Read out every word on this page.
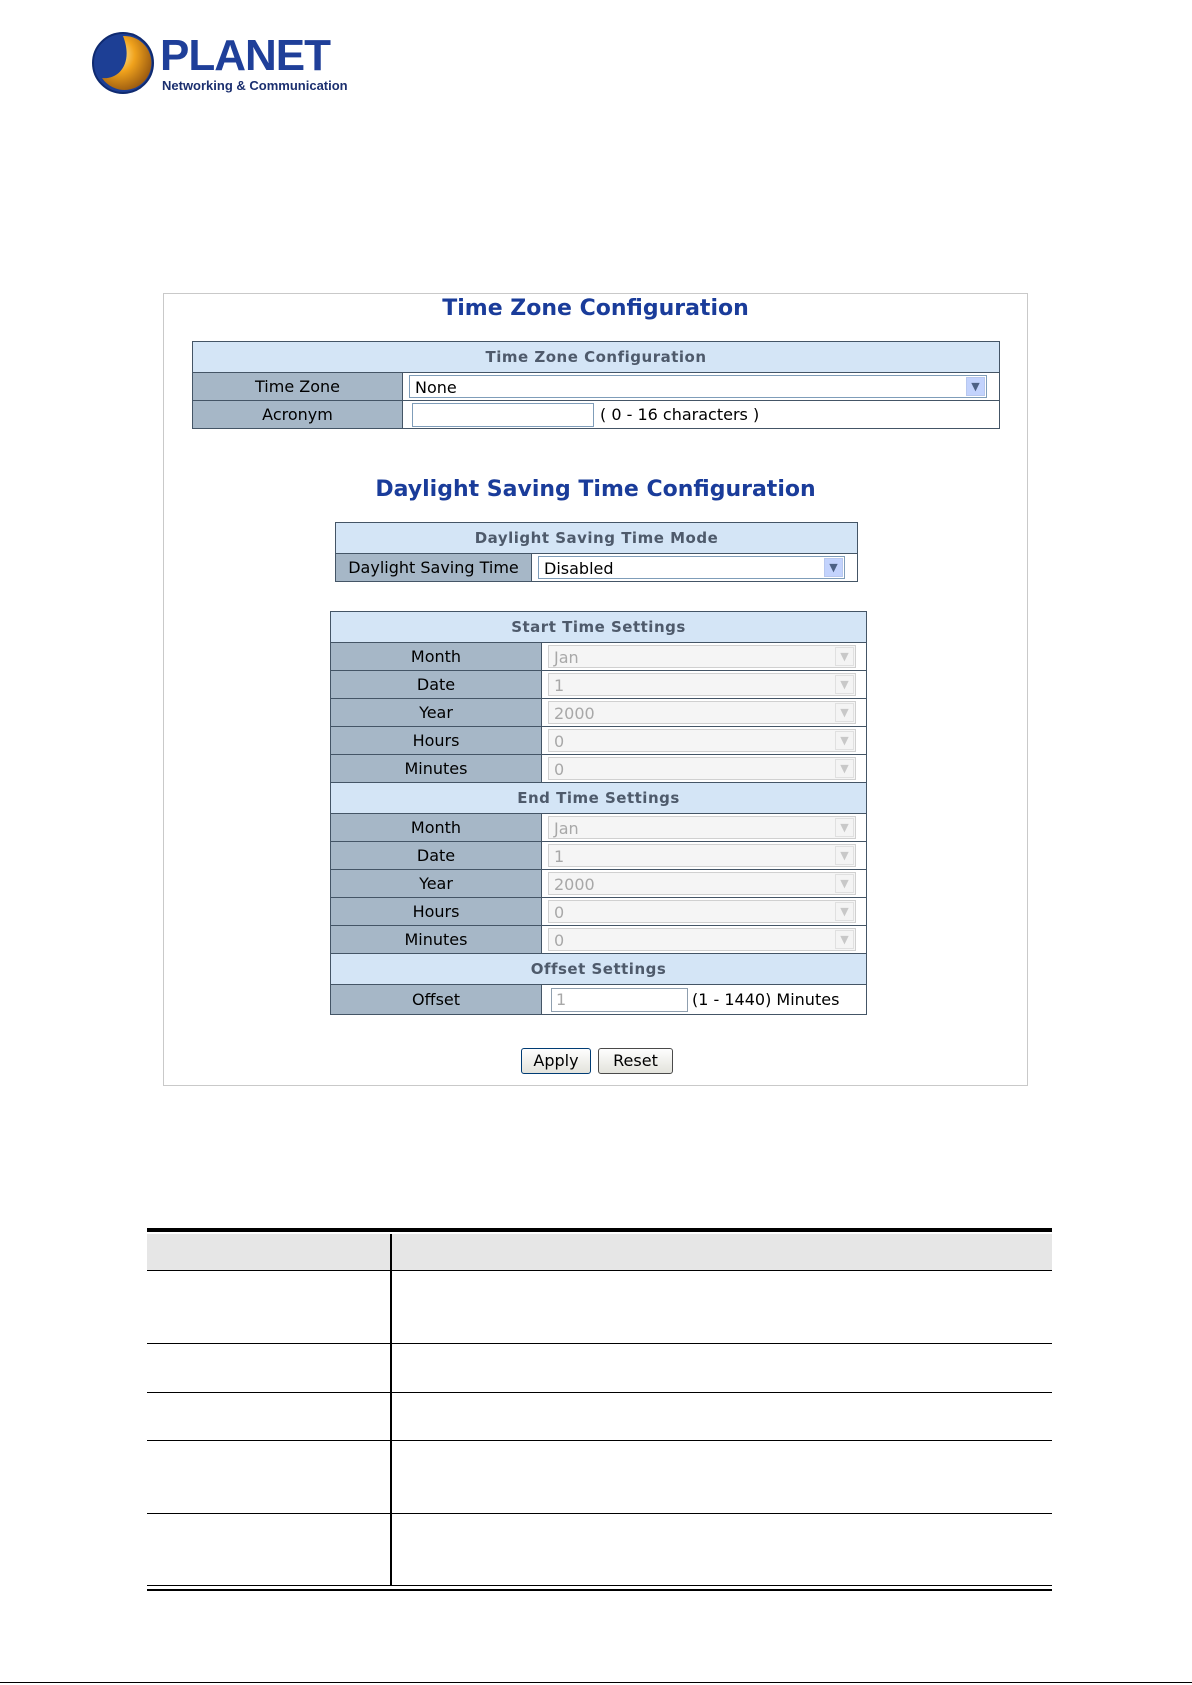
PLANET
Networking & Communication
Time Zone Configuration
Time Zone Configuration	
Time Zone	None ▼

Acronym	( 0 - 16 characters )
Daylight Saving Time Configuration
Daylight Saving Time Mode
Daylight Saving Time	Disabled	▼
Start Time Settings	
Month	Jan ▼

Date	1 ▼

Year	2000 ▼

Hours	0 ▼

Minutes	0 ▼

End Time Settings	
Month	Jan ▼

Date	1 ▼

Year	2000 ▼

Hours	0 ▼

Minutes	0 ▼

Offset Settings	
Offset	1 (1 - 1440) Minutes
Apply	Reset
